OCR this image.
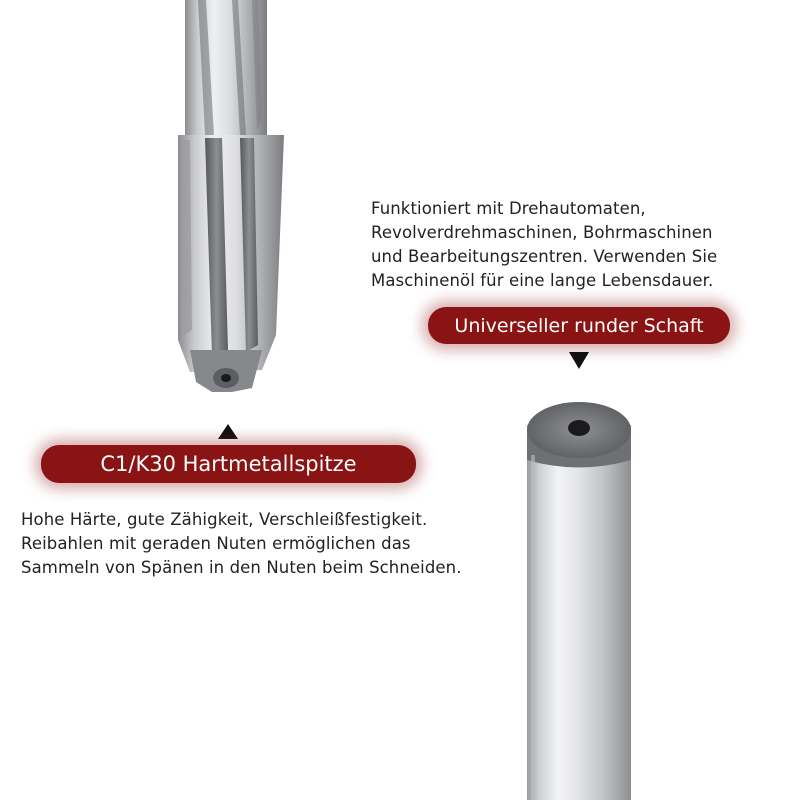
Funktioniert mit Drehautomaten,
Revolverdrehmaschinen, Bohrmaschinen
und Bearbeitungszentren. Verwenden Sie
Maschinenöl für eine lange Lebensdauer.

Universeller runder Schaft
C1/K30 Hartmetallspitze

Hohe Härte, gute Zähigkeit, Verschleißfestigkeit.
Reibahlen mit geraden Nuten ermöglichen das
Sammeln von Spänen in den Nuten beim Schneiden.
